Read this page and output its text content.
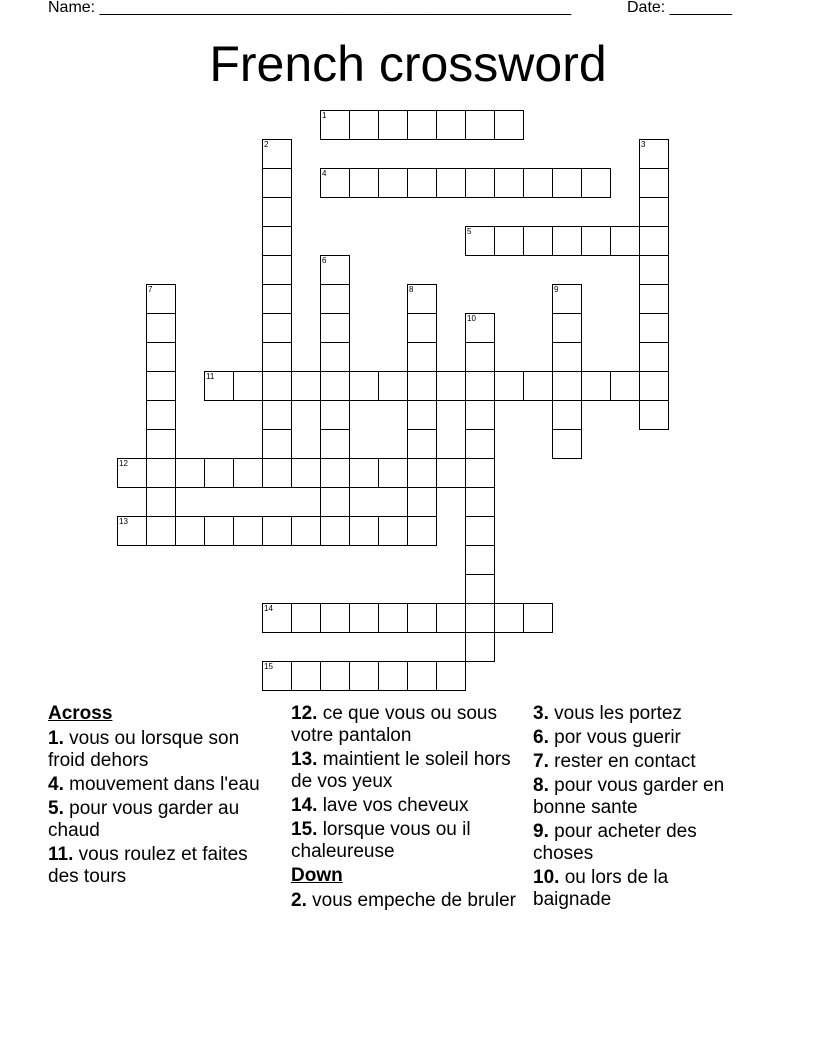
Name: _____________________________________________________	Date: _______
French crossword
1
4
5
11
12
13
14
15
2	3
6
7	8	9
10
Across
1. vous ou lorsque son froid dehors
4. mouvement dans l'eau
5. pour vous garder au chaud
11. vous roulez et faites des tours
12. ce que vous ou sous votre pantalon
13. maintient le soleil hors de vos yeux
14. lave vos cheveux
15. lorsque vous ou il chaleureuse
Down
2. vous empeche de bruler
3. vous les portez
6. por vous guerir
7. rester en contact
8. pour vous garder en bonne sante
9. pour acheter des choses
10. ou lors de la baignade
